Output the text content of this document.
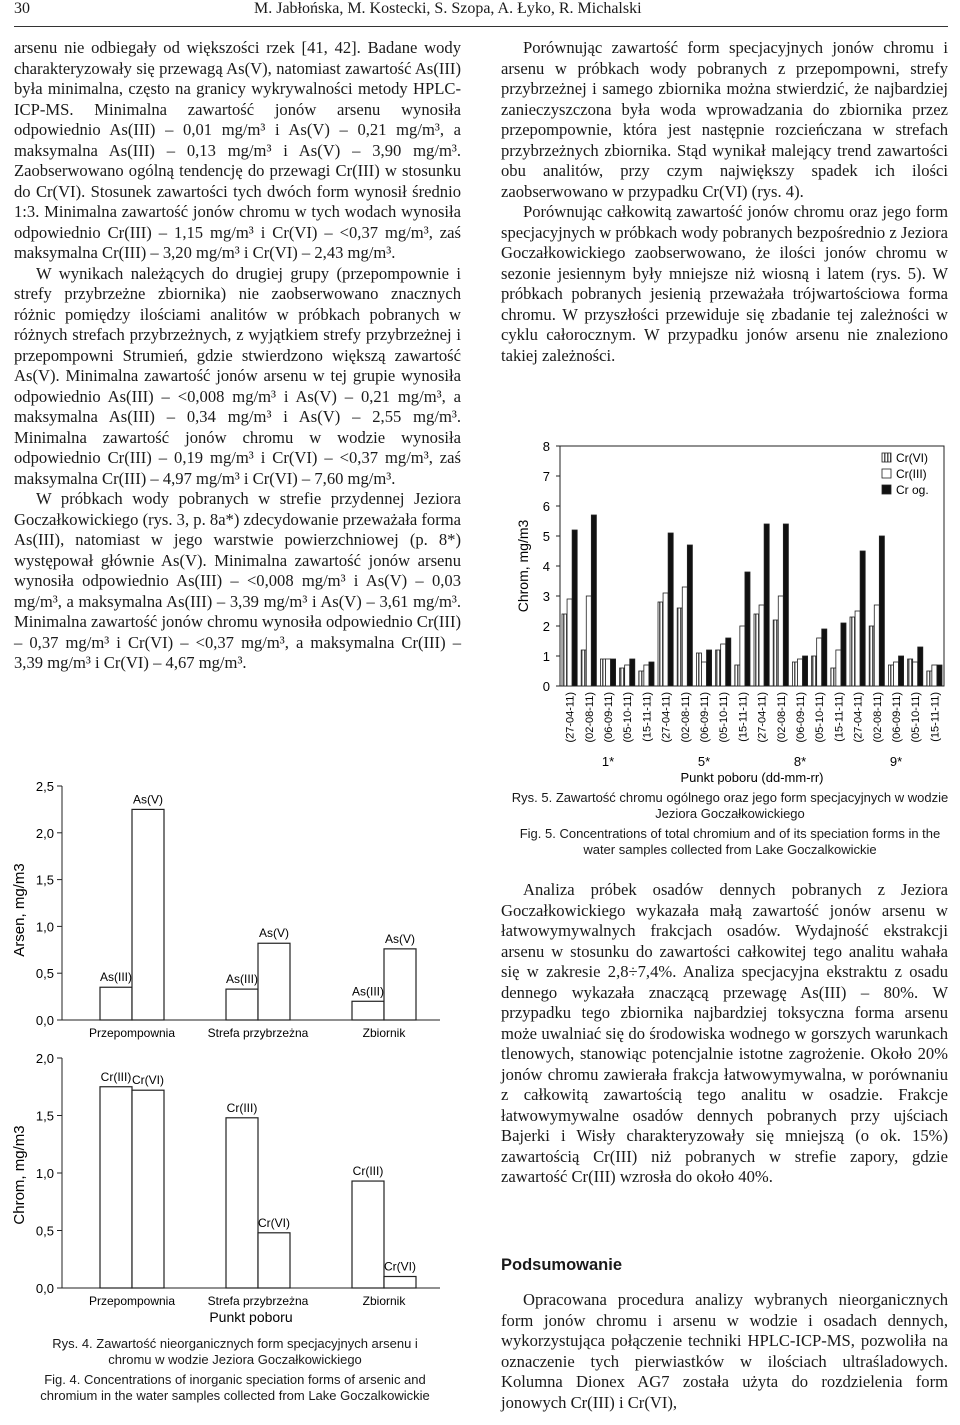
30	M. Jabłońska, M. Kostecki, S. Szopa, A. Łyko, R. Michalski

arsenu nie odbiegały od większości rzek [41, 42]. Badane wody charakteryzowały się przewagą As(V), natomiast zawartość As(III) była minimalna, często na granicy wykrywalności metody HPLC-ICP-MS. Minimalna zawartość jonów arsenu wynosiła odpowiednio As(III) – 0,01 mg/m³ i As(V) – 0,21 mg/m³, a maksymalna As(III) – 0,13 mg/m³ i As(V) – 3,90 mg/m³. Zaobserwowano ogólną tendencję do przewagi Cr(III) w stosunku do Cr(VI). Stosunek zawartości tych dwóch form wynosił średnio 1:3. Minimalna zawartość jonów chromu w tych wodach wynosiła odpowiednio Cr(III) – 1,15 mg/m³ i Cr(VI) – <0,37 mg/m³, zaś maksymalna Cr(III) – 3,20 mg/m³ i Cr(VI) – 2,43 mg/m³.

W wynikach należących do drugiej grupy (przepompownie i strefy przybrzeżne zbiornika) nie zaobserwowano znacznych różnic pomiędzy ilościami analitów w próbkach pobranych w różnych strefach przybrzeżnych, z wyjątkiem strefy przybrzeżnej i przepompowni Strumień, gdzie stwierdzono większą zawartość As(V). Minimalna zawartość jonów arsenu w tej grupie wynosiła odpowiednio As(III) – <0,008 mg/m³ i As(V) – 0,21 mg/m³, a maksymalna As(III) – 0,34 mg/m³ i As(V) – 2,55 mg/m³. Minimalna zawartość jonów chromu w wodzie wynosiła odpowiednio Cr(III) – 0,19 mg/m³ i Cr(VI) – <0,37 mg/m³, zaś maksymalna Cr(III) – 4,97 mg/m³ i Cr(VI) – 7,60 mg/m³.

W próbkach wody pobranych w strefie przydennej Jeziora Goczałkowickiego (rys. 3, p. 8a*) zdecydowanie przeważała forma As(III), natomiast w jego warstwie powierzchniowej (p. 8*) występował głównie As(V). Minimalna zawartość jonów arsenu wynosiła odpowiednio As(III) – <0,008 mg/m³ i As(V) – 0,03 mg/m³, a maksymalna As(III) – 3,39 mg/m³ i As(V) – 3,61 mg/m³. Minimalna zawartość jonów chromu wynosiła odpowiednio Cr(III) – 0,37 mg/m³ i Cr(VI) – <0,37 mg/m³, a maksymalna Cr(III) – 3,39 mg/m³ i Cr(VI) – 4,67 mg/m³.

0,0
0,5
1,0
1,5
2,0
2,5
Arsen, mg/m3
As(III)
As(V)
Przepompownia
As(III)
As(V)
Strefa przybrzeżna
As(III)
As(V)
Zbiornik
0,0
0,5
1,0
1,5
2,0
Chrom, mg/m3
Cr(III) Cr(VI)
Przepompownia
Cr(III)
Cr(VI)
Strefa przybrzeżna
Cr(III)
Cr(VI)
Zbiornik
Punkt poboru

Rys. 4. Zawartość nieorganicznych form specjacyjnych arsenu i chromu w wodzie Jeziora Goczałkowickiego

Fig. 4. Concentrations of inorganic speciation forms of arsenic and chromium in the water samples collected from Lake Goczalkowickie

Porównując zawartość form specjacyjnych jonów chromu i arsenu w próbkach wody pobranych z przepompowni, strefy przybrzeżnej i samego zbiornika można stwierdzić, że najbardziej zanieczyszczona była woda wprowadzania do zbiornika przez przepompownie, która jest następnie rozcieńczana w strefach przybrzeżnych zbiornika. Stąd wynikał malejący trend zawartości obu analitów, przy czym największy spadek ich ilości zaobserwowano w przypadku Cr(VI) (rys. 4).

Porównując całkowitą zawartość jonów chromu oraz jego form specjacyjnych w próbkach wody pobranych bezpośrednio z Jeziora Goczałkowickiego zaobserwowano, że ilości jonów chromu w sezonie jesiennym były mniejsze niż wiosną i latem (rys. 5). W próbkach pobranych jesienią przeważała trójwartościowa forma chromu. W przyszłości przewiduje się zbadanie tej zależności w cyklu całorocznym. W przypadku jonów arsenu nie znaleziono takiej zależności.

0
1
2
3
4
5
6
7
8
Chrom, mg/m3
(27-04-11) (02-08-11) (06-09-11) (05-10-11) (15-11-11)
1*
(27-04-11) (02-08-11) (06-09-11) (05-10-11) (15-11-11)
5*
(27-04-11) (02-08-11) (06-09-11) (05-10-11) (15-11-11)
8*
(27-04-11) (02-08-11) (06-09-11) (05-10-11) (15-11-11)
9*
Punkt poboru (dd-mm-rr)
Cr(VI)
Cr(III)
Cr og.

Rys. 5. Zawartość chromu ogólnego oraz jego form specjacyjnych w wodzie Jeziora Goczałkowickiego

Fig. 5. Concentrations of total chromium and of its speciation forms in the water samples collected from Lake Goczalkowickie

Analiza próbek osadów dennych pobranych z Jeziora Goczałkowickiego wykazała małą zawartość jonów arsenu w łatwowymywalnych frakcjach osadów. Wydajność ekstrakcji arsenu w stosunku do zawartości całkowitej tego analitu wahała się w zakresie 2,8÷7,4%. Analiza specjacyjna ekstraktu z osadu dennego wykazała znaczącą przewagę As(III) – 80%. W przypadku tego zbiornika najbardziej toksyczna forma arsenu może uwalniać się do środowiska wodnego w gorszych warunkach tlenowych, stanowiąc potencjalnie istotne zagrożenie. Około 20% jonów chromu zawierała frakcja łatwowymywalna, w porównaniu z całkowitą zawartością tego analitu w osadzie. Frakcje łatwowymywalne osadów dennych pobranych przy ujściach Bajerki i Wisły charakteryzowały się mniejszą (o ok. 15%) zawartością Cr(III) niż pobranych w strefie zapory, gdzie zawartość Cr(III) wzrosła do około 40%.

Podsumowanie

Opracowana procedura analizy wybranych nieorganicznych form jonów chromu i arsenu w wodzie i osadach dennych, wykorzystująca połączenie techniki HPLC-ICP-MS, pozwoliła na oznaczenie tych pierwiastków w ilościach ultraśladowych. Kolumna Dionex AG7 została użyta do rozdzielenia form jonowych Cr(III) i Cr(VI),
